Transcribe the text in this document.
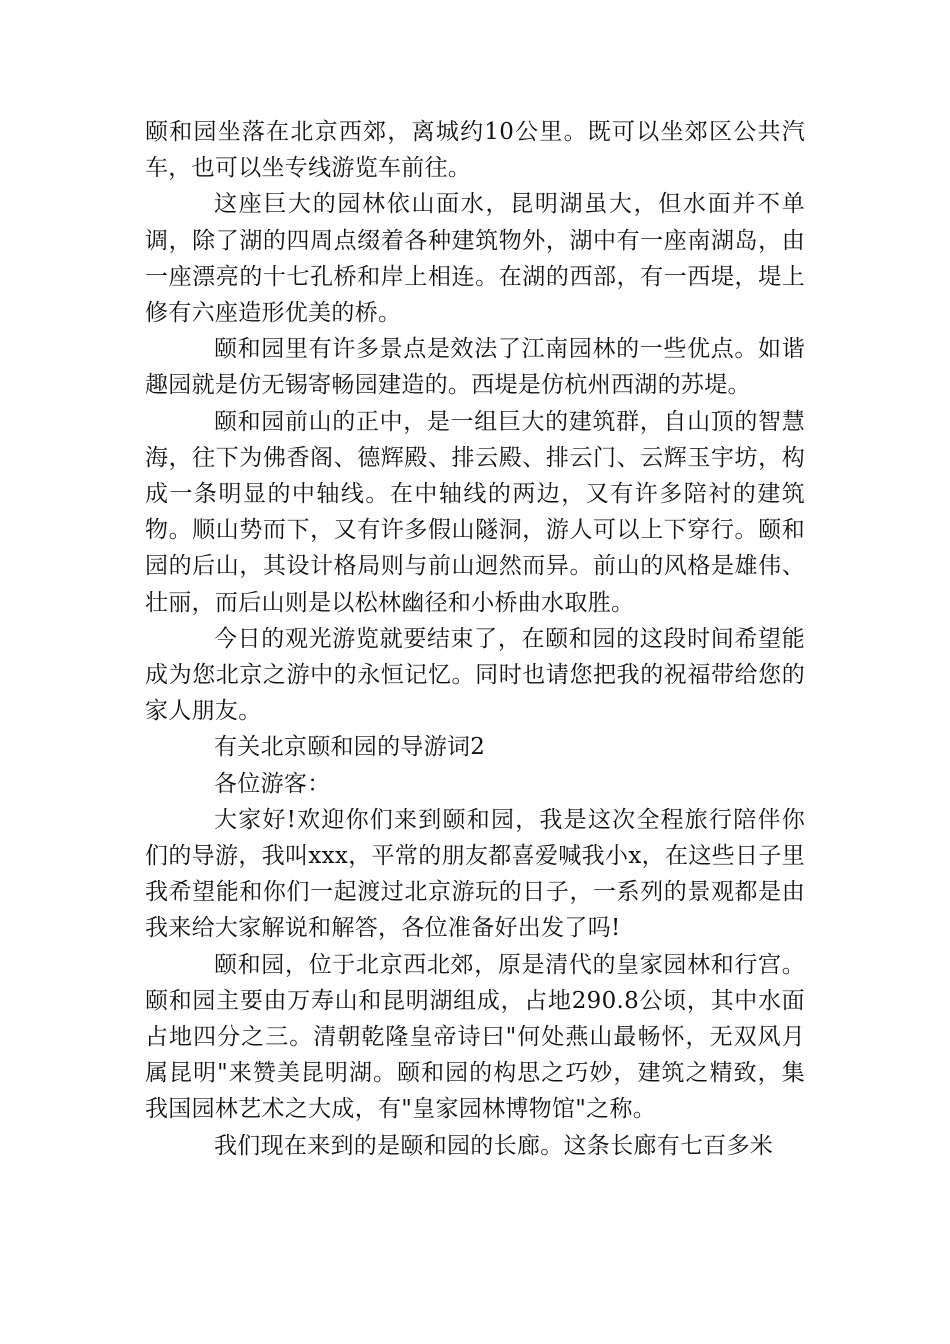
颐和园坐落在北京西郊，离城约10公里。既可以坐郊区公共汽车，也可以坐专线游览车前往。

这座巨大的园林依山面水，昆明湖虽大，但水面并不单调，除了湖的四周点缀着各种建筑物外，湖中有一座南湖岛，由一座漂亮的十七孔桥和岸上相连。在湖的西部，有一西堤，堤上修有六座造形优美的桥。

颐和园里有许多景点是效法了江南园林的一些优点。如谐趣园就是仿无锡寄畅园建造的。西堤是仿杭州西湖的苏堤。

颐和园前山的正中，是一组巨大的建筑群，自山顶的智慧海，往下为佛香阁、德辉殿、排云殿、排云门、云辉玉宇坊，构成一条明显的中轴线。在中轴线的两边，又有许多陪衬的建筑物。顺山势而下，又有许多假山隧洞，游人可以上下穿行。颐和园的后山，其设计格局则与前山迥然而异。前山的风格是雄伟、壮丽，而后山则是以松林幽径和小桥曲水取胜。

今日的观光游览就要结束了，在颐和园的这段时间希望能成为您北京之游中的永恒记忆。同时也请您把我的祝福带给您的家人朋友。

有关北京颐和园的导游词2

各位游客：

大家好!欢迎你们来到颐和园，我是这次全程旅行陪伴你们的导游，我叫xxx，平常的朋友都喜爱喊我小x，在这些日子里我希望能和你们一起渡过北京游玩的日子，一系列的景观都是由我来给大家解说和解答，各位准备好出发了吗!

颐和园，位于北京西北郊，原是清代的皇家园林和行宫。颐和园主要由万寿山和昆明湖组成，占地290.8公顷，其中水面占地四分之三。清朝乾隆皇帝诗曰"何处燕山最畅怀，无双风月属昆明"来赞美昆明湖。颐和园的构思之巧妙，建筑之精致，集我国园林艺术之大成，有"皇家园林博物馆"之称。

我们现在来到的是颐和园的长廊。这条长廊有七百多米
